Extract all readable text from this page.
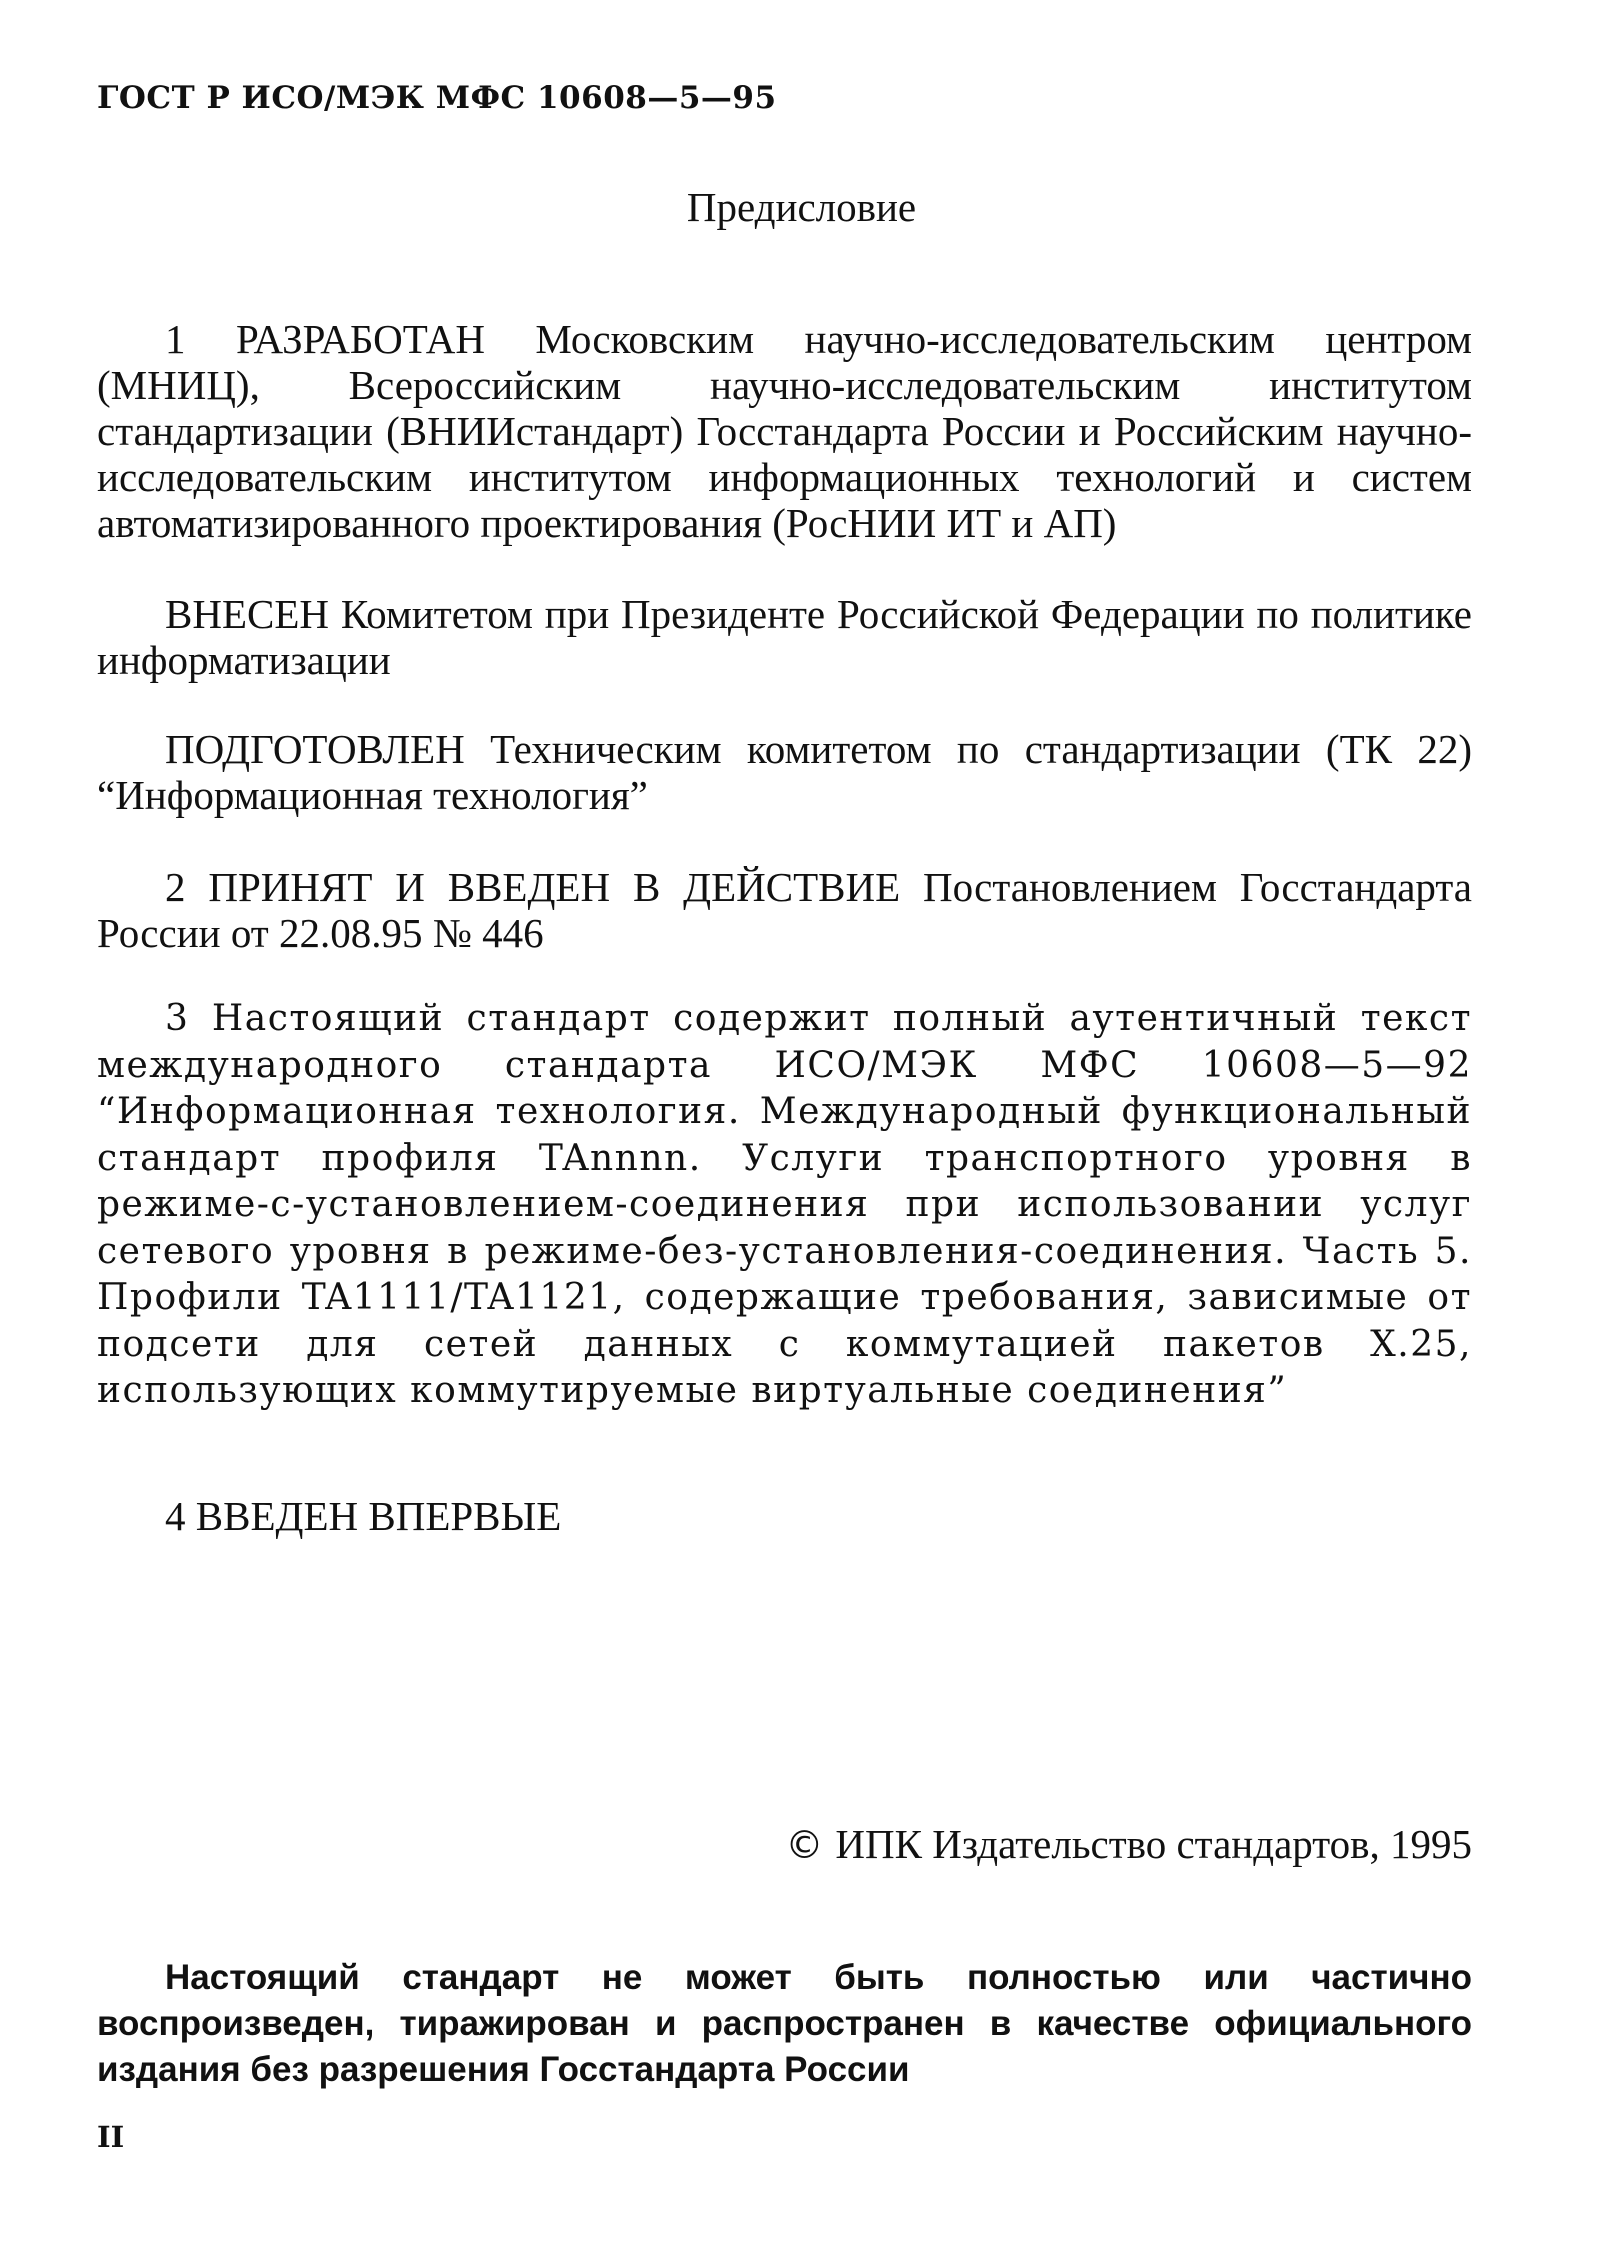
ГОСТ Р ИСО/МЭК МФС 10608—5—95
Предисловие

1 РАЗРАБОТАН Московским научно-исследовательским центром (МНИЦ), Всероссийским научно-исследовательским институтом стандартизации (ВНИИстандарт) Госстандарта России и Российским научно-исследовательским институтом информационных технологий и систем автоматизированного проектирования (РосНИИ ИТ и АП)

ВНЕСЕН Комитетом при Президенте Российской Федерации по политике информатизации

ПОДГОТОВЛЕН Техническим комитетом по стандартизации (ТК 22) “Информационная технология”

2 ПРИНЯТ И ВВЕДЕН В ДЕЙСТВИЕ Постановлением Госстандарта России от 22.08.95 № 446

3 Настоящий стандарт содержит полный аутентичный текст международного стандарта ИСО/МЭК МФС 10608—5—92 “Информационная технология. Международный функциональный стандарт профиля TAnnnn. Услуги транспортного уровня в режиме-с-установлением-соединения при использовании услуг сетевого уровня в режиме-без-установления-соединения. Часть 5. Профили TA1111/TA1121, содержащие требования, зависимые от подсети для сетей данных с коммутацией пакетов X.25, использующих коммутируемые виртуальные соединения”

4 ВВЕДЕН ВПЕРВЫЕ

© ИПК Издательство стандартов, 1995

Настоящий стандарт не может быть полностью или частично воспроизведен, тиражирован и распространен в качестве официального издания без разрешения Госстандарта России

II
